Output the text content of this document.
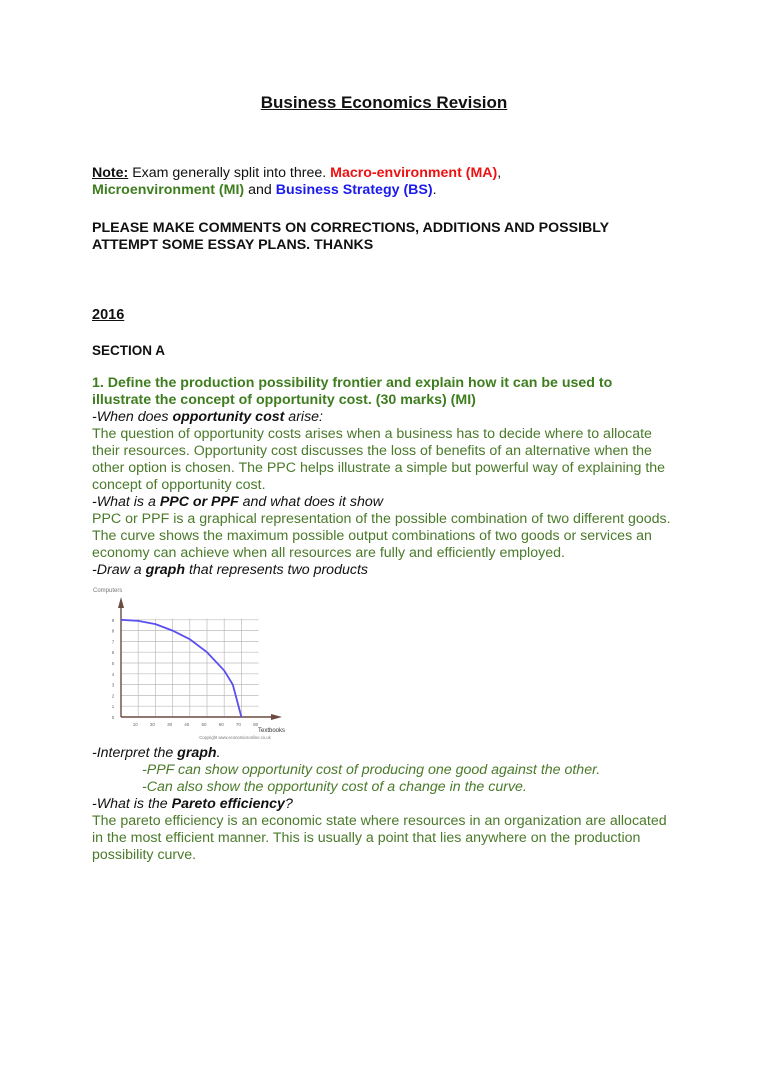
Business Economics Revision
Note: Exam generally split into three. Macro-environment (MA),
Microenvironment (MI) and Business Strategy (BS).
PLEASE MAKE COMMENTS ON CORRECTIONS, ADDITIONS AND POSSIBLY ATTEMPT SOME ESSAY PLANS. THANKS
2016
SECTION A
1. Define the production possibility frontier and explain how it can be used to illustrate the concept of opportunity cost. (30 marks) (MI)
-When does opportunity cost arise:
The question of opportunity costs arises when a business has to decide where to allocate their resources. Opportunity cost discusses the loss of benefits of an alternative when the other option is chosen. The PPC helps illustrate a simple but powerful way of explaining the concept of opportunity cost.
-What is a PPC or PPF and what does it show
PPC or PPF is a graphical representation of the possible combination of two different goods. The curve shows the maximum possible output combinations of two goods or services an economy can achieve when all resources are fully and efficiently employed.
-Draw a graph that represents two products
Computers
Textbooks
Copyright www.economicsonline.co.uk
0
1
2
3
4
5
6
7
8
9
10	20	30	40	50	60	70	80
-Interpret the graph.
-PPF can show opportunity cost of producing one good against the other.
-Can also show the opportunity cost of a change in the curve.
-What is the Pareto efficiency?
The pareto efficiency is an economic state where resources in an organization are allocated in the most efficient manner. This is usually a point that lies anywhere on the production possibility curve.
